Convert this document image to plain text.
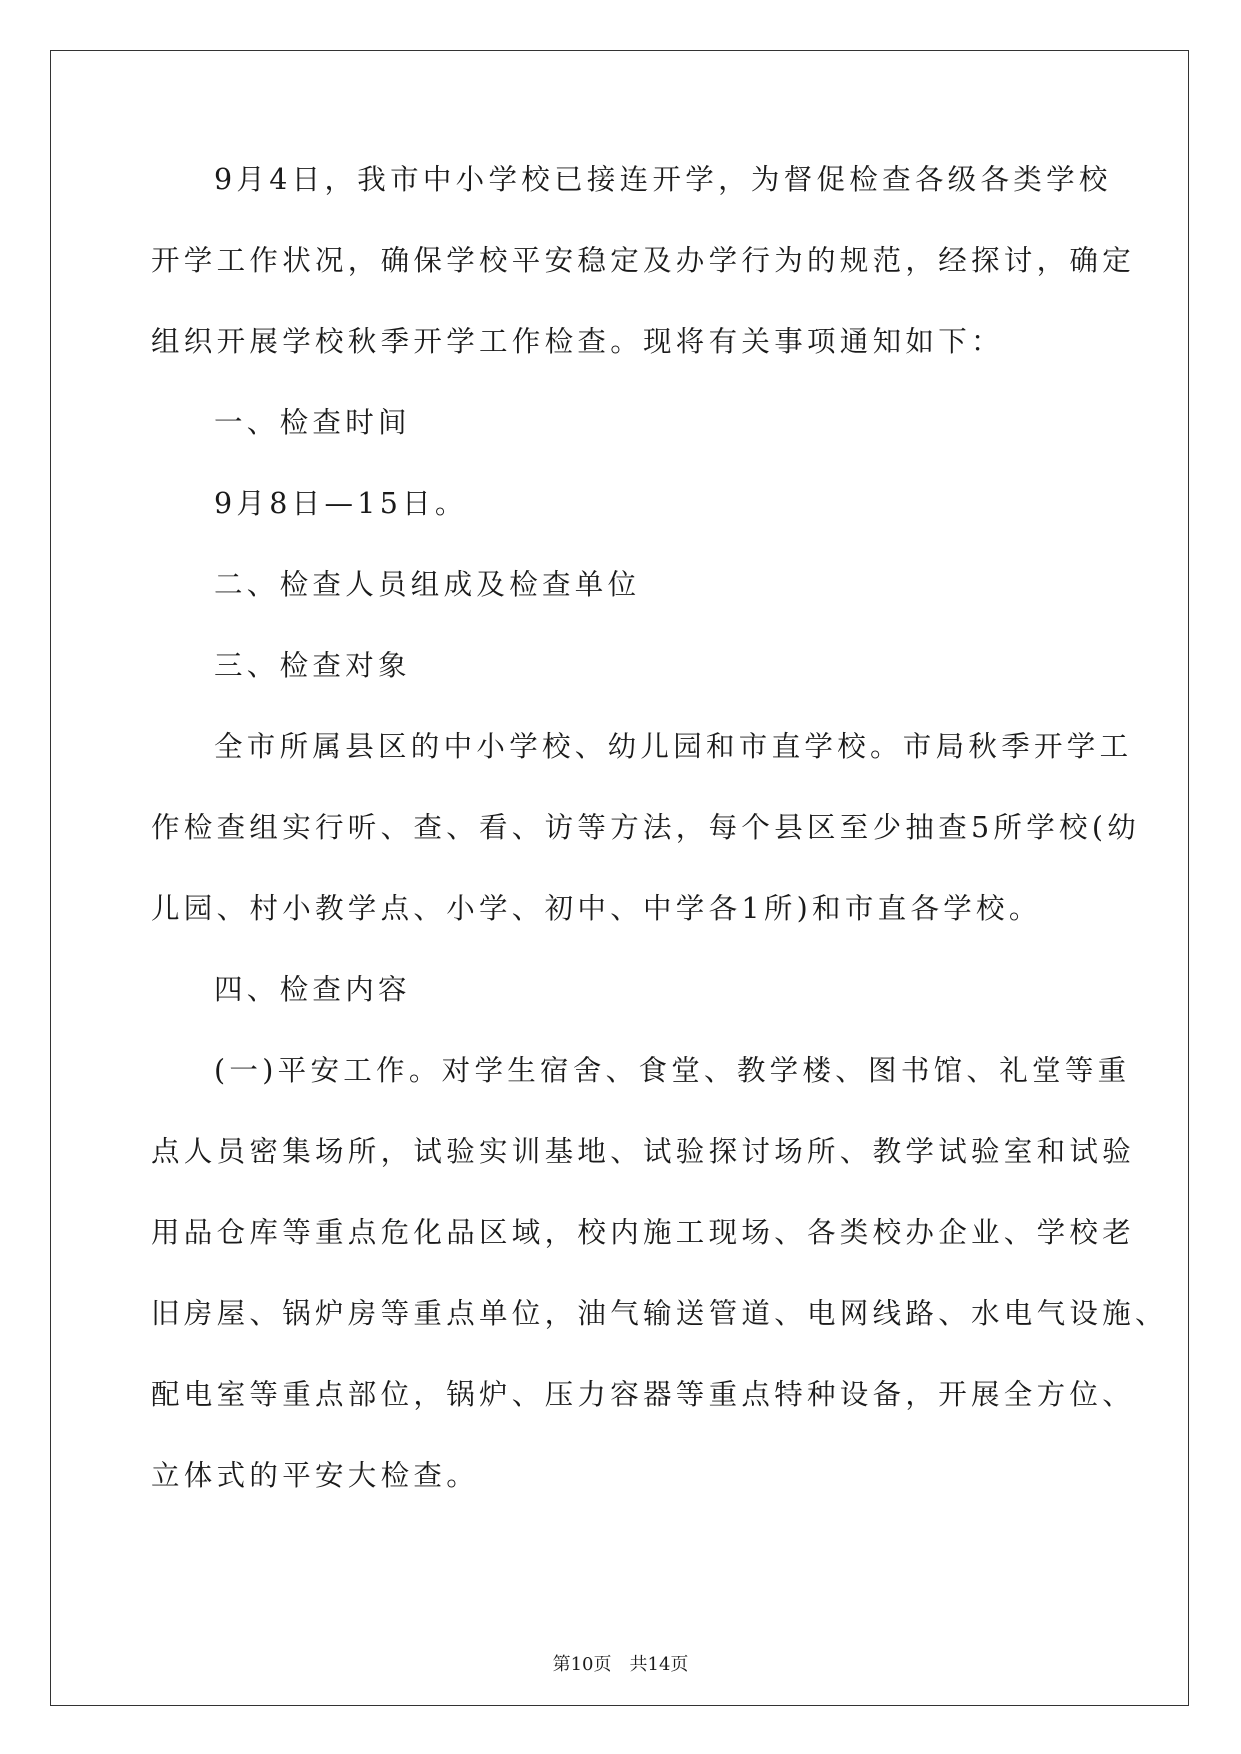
9月4日，我市中小学校已接连开学，为督促检查各级各类学校
开学工作状况，确保学校平安稳定及办学行为的规范，经探讨，确定
组织开展学校秋季开学工作检查。现将有关事项通知如下：
一、检查时间
9月8日—15日。
二、检查人员组成及检查单位
三、检查对象
全市所属县区的中小学校、幼儿园和市直学校。市局秋季开学工
作检查组实行听、查、看、访等方法，每个县区至少抽查5所学校(幼
儿园、村小教学点、小学、初中、中学各1所)和市直各学校。
四、检查内容
(一)平安工作。对学生宿舍、食堂、教学楼、图书馆、礼堂等重
点人员密集场所，试验实训基地、试验探讨场所、教学试验室和试验
用品仓库等重点危化品区域，校内施工现场、各类校办企业、学校老
旧房屋、锅炉房等重点单位，油气输送管道、电网线路、水电气设施、
配电室等重点部位，锅炉、压力容器等重点特种设备，开展全方位、
立体式的平安大检查。
第10页　共14页
